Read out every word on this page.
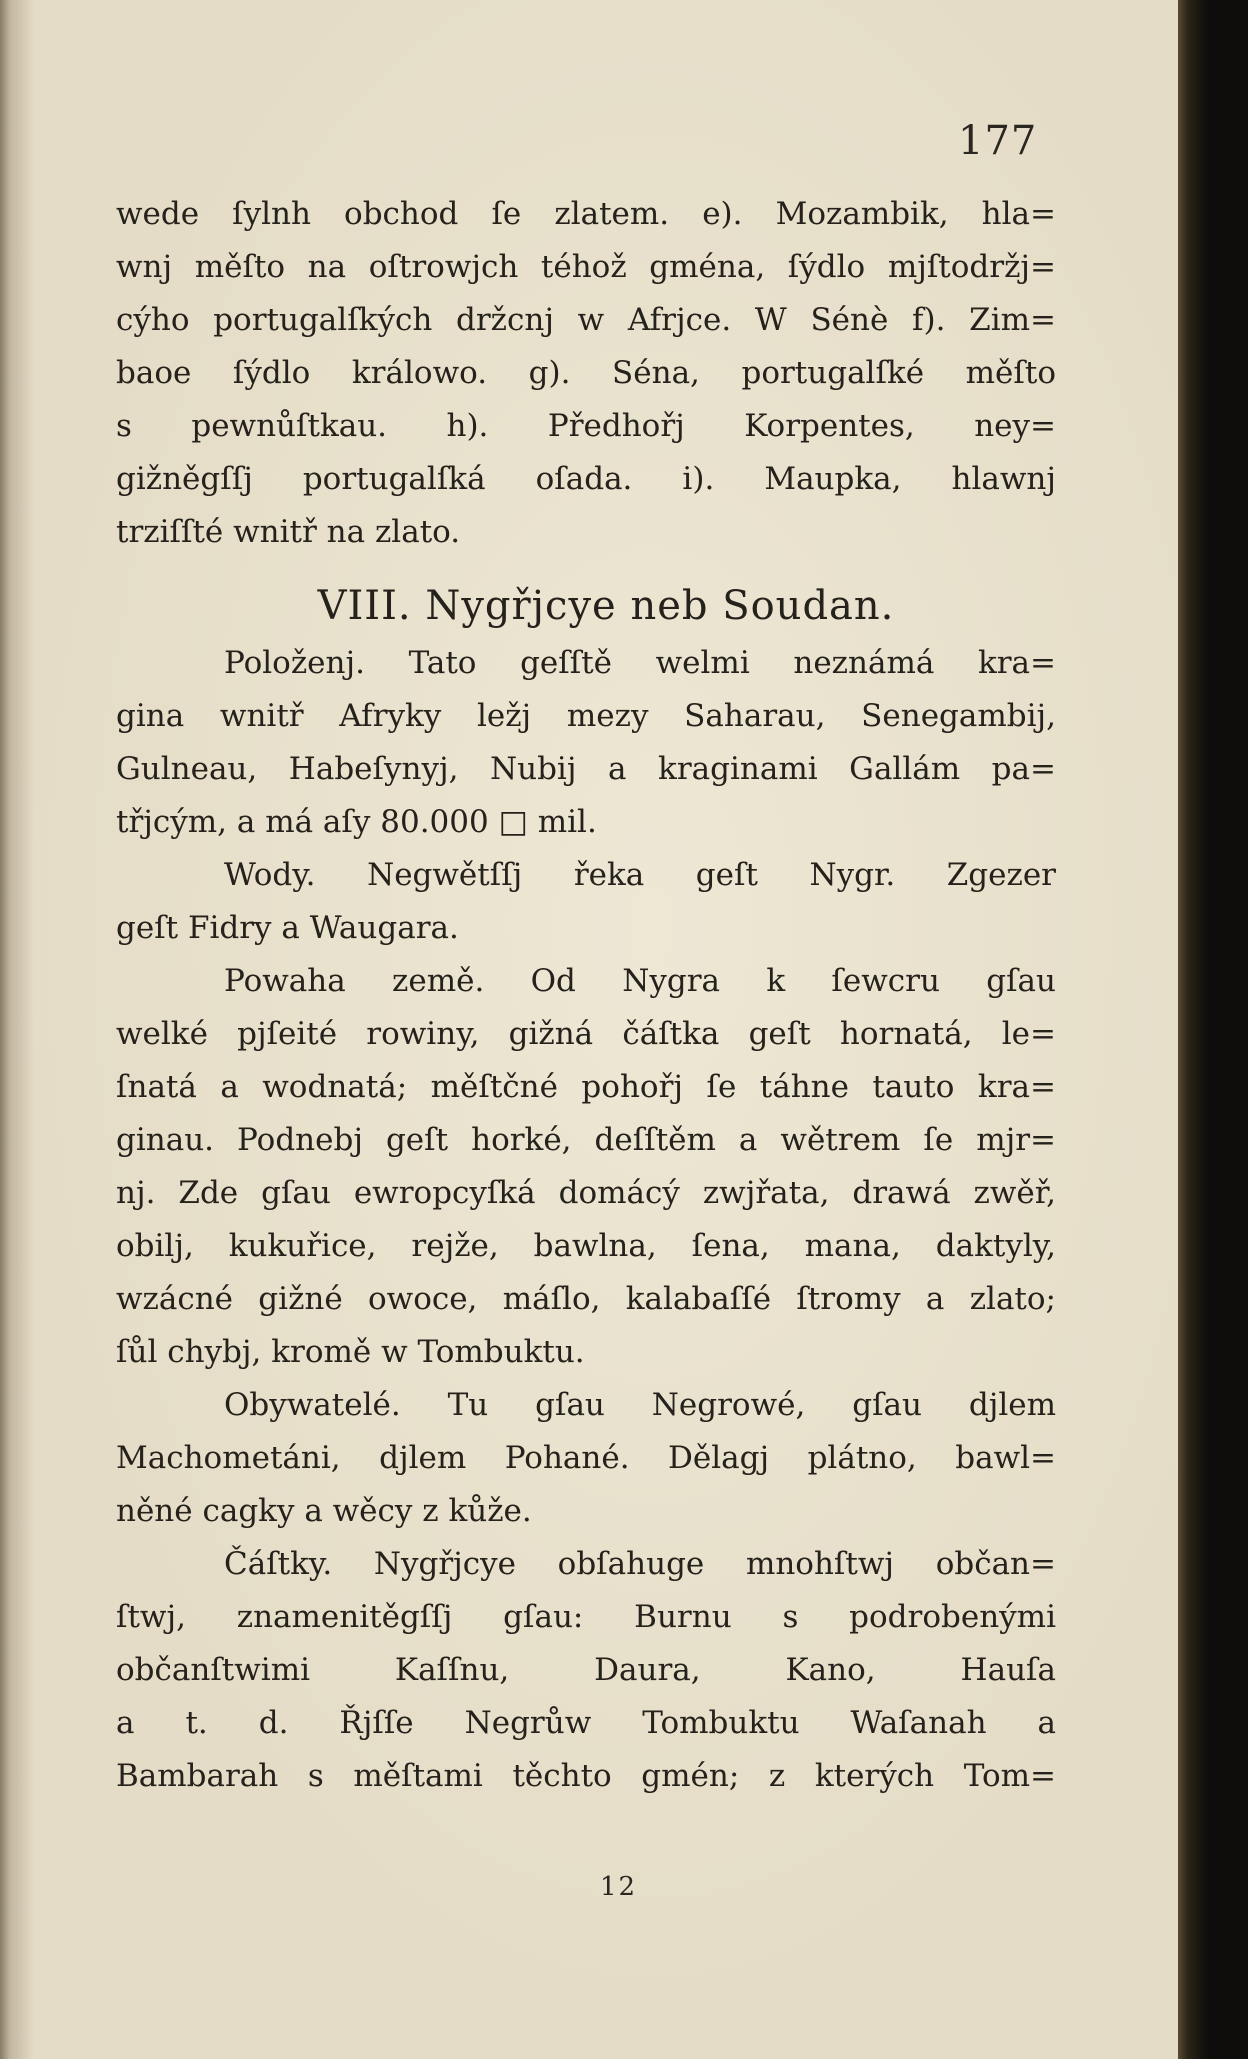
177
wede ſylnh obchod ſe zlatem. e). Mozambik, hla=
wnj měſto na oſtrowjch téhož gména, ſýdlo mjſtodržj=
cýho portugalſkých držcnj w Afrjce. W Sénè f). Zim=
baoe ſýdlo králowo. g). Séna, portugalſké měſto
s pewnůſtkau. h). Předhořj Korpentes, ney=
gižněgſſj portugalſká oſada. i). Maupka, hlawnj
trziſſté wnitř na zlato.
VIII. Nygřjcye neb Soudan.
Položenj. Tato geſſtě welmi neznámá kra=
gina wnitř Afryky ležj mezy Saharau, Senegambij,
Gulneau, Habeſynyj, Nubij a kraginami Gallám pa=
třjcým, a má aſy 80.000 □ mil.
Wody. Negwětſſj řeka geſt Nygr. Zgezer
geſt Fidry a Waugara.
Powaha země. Od Nygra k ſewcru gſau
welké pjſeité rowiny, gižná čáſtka geſt hornatá, le=
ſnatá a wodnatá; měſtčné pohořj ſe táhne tauto kra=
ginau. Podnebj geſt horké, deſſtěm a wětrem ſe mjr=
nj. Zde gſau ewropcyſká domácý zwjřata, drawá zwěř,
obilj, kukuřice, rejže, bawlna, ſena, mana, daktyly,
wzácné gižné owoce, máſlo, kalabaſſé ſtromy a zlato;
ſůl chybj, kromě w Tombuktu.
Obywatelé. Tu gſau Negrowé, gſau djlem
Machometáni, djlem Pohané. Dělagj plátno, bawl=
něné cagky a wěcy z kůže.
Čáſtky. Nygřjcye obſahuge mnohſtwj občan=
ſtwj, znamenitěgſſj gſau: Burnu s podrobenými
občanſtwimi Kaſſnu, Daura, Kano, Hauſa
a t. d. Řjſſe Negrůw Tombuktu Waſanah a
Bambarah s měſtami těchto gmén; z kterých Tom=
12
